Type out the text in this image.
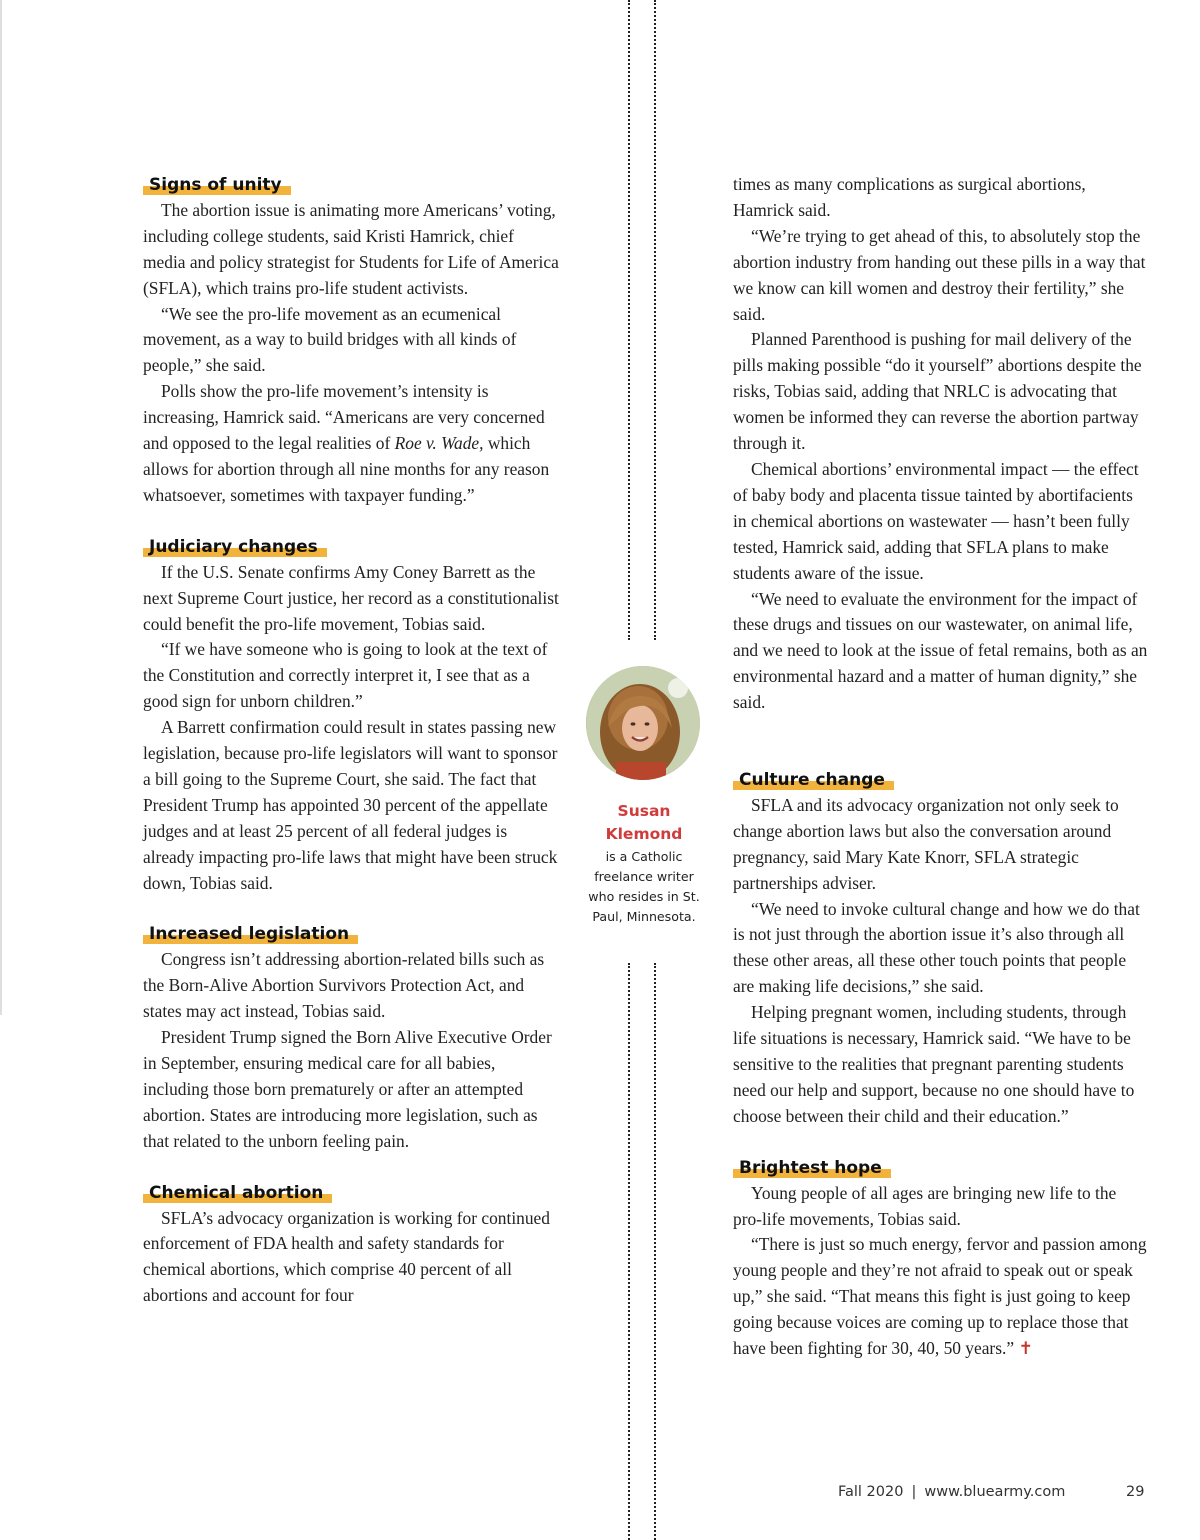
Signs of unity

The abortion issue is animating more Americans’ voting, including college students, said Kristi Hamrick, chief media and policy strategist for Students for Life of America (SFLA), which trains pro-life student activists.

“We see the pro-life movement as an ecumenical movement, as a way to build bridges with all kinds of people,” she said.

Polls show the pro-life movement’s intensity is increasing, Hamrick said. “Americans are very concerned and opposed to the legal realities of Roe v. Wade, which allows for abortion through all nine months for any reason whatsoever, sometimes with taxpayer funding.”

Judiciary changes

If the U.S. Senate confirms Amy Coney Barrett as the next Supreme Court justice, her record as a constitutionalist could benefit the pro-life movement, Tobias said.

“If we have someone who is going to look at the text of the Constitution and correctly interpret it, I see that as a good sign for unborn children.”

A Barrett confirmation could result in states passing new legislation, because pro-life legislators will want to sponsor a bill going to the Supreme Court, she said. The fact that President Trump has appointed 30 percent of the appellate judges and at least 25 percent of all federal judges is already impacting pro-life laws that might have been struck down, Tobias said.

Increased legislation

Congress isn’t addressing abortion-related bills such as the Born-Alive Abortion Survivors Protection Act, and states may act instead, Tobias said.

President Trump signed the Born Alive Executive Order in September, ensuring medical care for all babies, including those born prematurely or after an attempted abortion. States are introducing more legislation, such as that related to the unborn feeling pain.

Chemical abortion

SFLA’s advocacy organization is working for continued enforcement of FDA health and safety standards for chemical abortions, which comprise 40 percent of all abortions and account for four

Susan Klemond
is a Catholic freelance writer who resides in St. Paul, Minnesota.

times as many complications as surgical abortions, Hamrick said.

“We’re trying to get ahead of this, to absolutely stop the abortion industry from handing out these pills in a way that we know can kill women and destroy their fertility,” she said.

Planned Parenthood is pushing for mail delivery of the pills making possible “do it yourself” abortions despite the risks, Tobias said, adding that NRLC is advocating that women be informed they can reverse the abortion partway through it.

Chemical abortions’ environmental impact — the effect of baby body and placenta tissue tainted by abortifacients in chemical abortions on wastewater — hasn’t been fully tested, Hamrick said, adding that SFLA plans to make students aware of the issue.

“We need to evaluate the environment for the impact of these drugs and tissues on our wastewater, on animal life, and we need to look at the issue of fetal remains, both as an environmental hazard and a matter of human dignity,” she said.

Culture change

SFLA and its advocacy organization not only seek to change abortion laws but also the conversation around pregnancy, said Mary Kate Knorr, SFLA strategic partnerships adviser.

“We need to invoke cultural change and how we do that is not just through the abortion issue it’s also through all these other areas, all these other touch points that people are making life decisions,” she said.

Helping pregnant women, including students, through life situations is necessary, Hamrick said. “We have to be sensitive to the realities that pregnant parenting students need our help and support, because no one should have to choose between their child and their education.”

Brightest hope

Young people of all ages are bringing new life to the pro-life movements, Tobias said.

“There is just so much energy, fervor and passion among young people and they’re not afraid to speak out or speak up,” she said. “That means this fight is just going to keep going because voices are coming up to replace those that have been fighting for 30, 40, 50 years.” ✝

Fall 2020 | www.bluearmy.com	29
